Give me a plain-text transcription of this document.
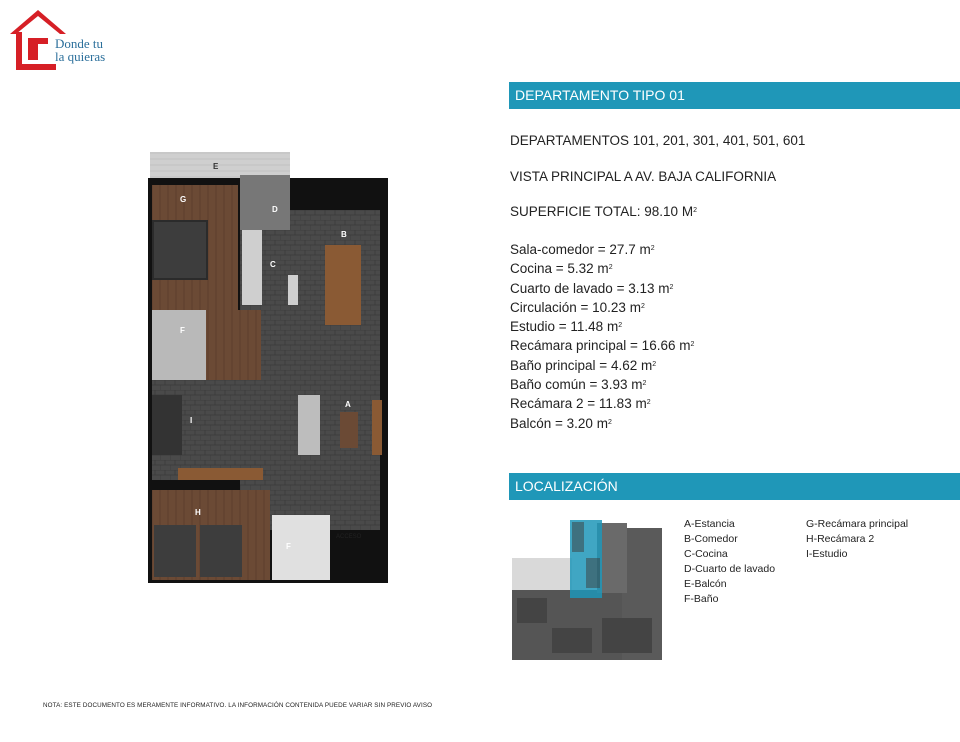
Donde tu
la quieras
E
G
D
B
C
F
I
A
H
F
ACCESO
DEPARTAMENTO TIPO 01
DEPARTAMENTOS 101, 201, 301, 401, 501, 601
VISTA PRINCIPAL A AV. BAJA CALIFORNIA
SUPERFICIE TOTAL: 98.10 $M^2$
Sala-comedor = 27.7 $m^2$
Cocina = 5.32 $m^2$
Cuarto de lavado = 3.13 $m^2$
Circulación = 10.23 $m^2$
Estudio = 11.48 $m^2$
Recámara principal = 16.66 $m^2$
Baño principal = 4.62 $m^2$
Baño común = 3.93 $m^2$
Recámara 2 = 11.83 $m^2$
Balcón = 3.20 $m^2$
LOCALIZACIÓN
A-Estancia
B-Comedor
C-Cocina
D-Cuarto de lavado
E-Balcón
F-Baño
G-Recámara principal
H-Recámara 2
I-Estudio
NOTA: ESTE DOCUMENTO ES MERAMENTE INFORMATIVO. LA INFORMACIÓN CONTENIDA PUEDE VARIAR SIN PREVIO AVISO
